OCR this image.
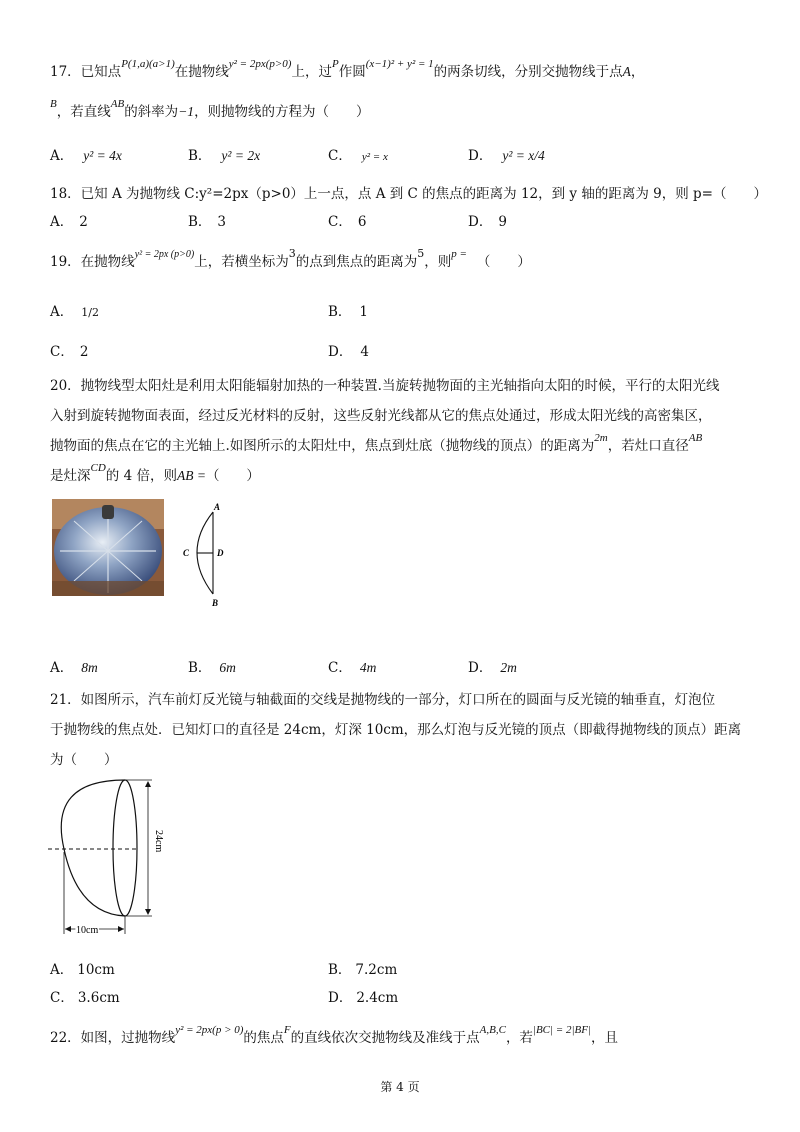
17．已知点$^{P(1,a)(a>1)}$在抛物线$^{y^2 = 2px(p>0)}$上，过$^P$作圆$^{(x-1)^2 + y^2 = 1}$的两条切线，分别交抛物线于点A，
$^B$，若直线$^{AB}$的斜率为−1，则抛物线的方程为（　　）
A． y² = 4x	B． y² = 2x	C． y² = x	D． y² = x/4
18．已知 A 为抛物线 C:y²=2px（p>0）上一点，点 A 到 C 的焦点的距离为 12，到 y 轴的距离为 9，则 p=（　　）
A． 2	B． 3	C． 6	D． 9
19．在抛物线$^{y^2 = 2px (p>0)}$上，若横坐标为$^3$的点到焦点的距离为$^5$，则$^{p =}$ （　　）
A． 1/2	B． 1
C． 2	D． 4
20．抛物线型太阳灶是利用太阳能辐射加热的一种装置.当旋转抛物面的主光轴指向太阳的时候，平行的太阳光线
入射到旋转抛物面表面，经过反光材料的反射，这些反射光线都从它的焦点处通过，形成太阳光线的高密集区，
抛物面的焦点在它的主光轴上.如图所示的太阳灶中，焦点到灶底（抛物线的顶点）的距离为$^{2m}$，若灶口直径$^{AB}$
是灶深$^{CD}$的 4 倍，则AB =（　　）
A
C	D
B
A． 8m	B． 6m	C． 4m	D． 2m
21．如图所示，汽车前灯反光镜与轴截面的交线是抛物线的一部分，灯口所在的圆面与反光镜的轴垂直，灯泡位
于抛物线的焦点处．已知灯口的直径是 24cm，灯深 10cm，那么灯泡与反光镜的顶点（即截得抛物线的顶点）距离
为（　　）
24cm
10cm
A． 10cm	B． 7.2cm
C． 3.6cm	D． 2.4cm
22．如图，过抛物线$^{y^2 = 2px(p > 0)}$的焦点$^F$的直线依次交抛物线及准线于点$^{A,B,C}$，若$^{|BC| = 2|BF|}$，且
第 4 页
